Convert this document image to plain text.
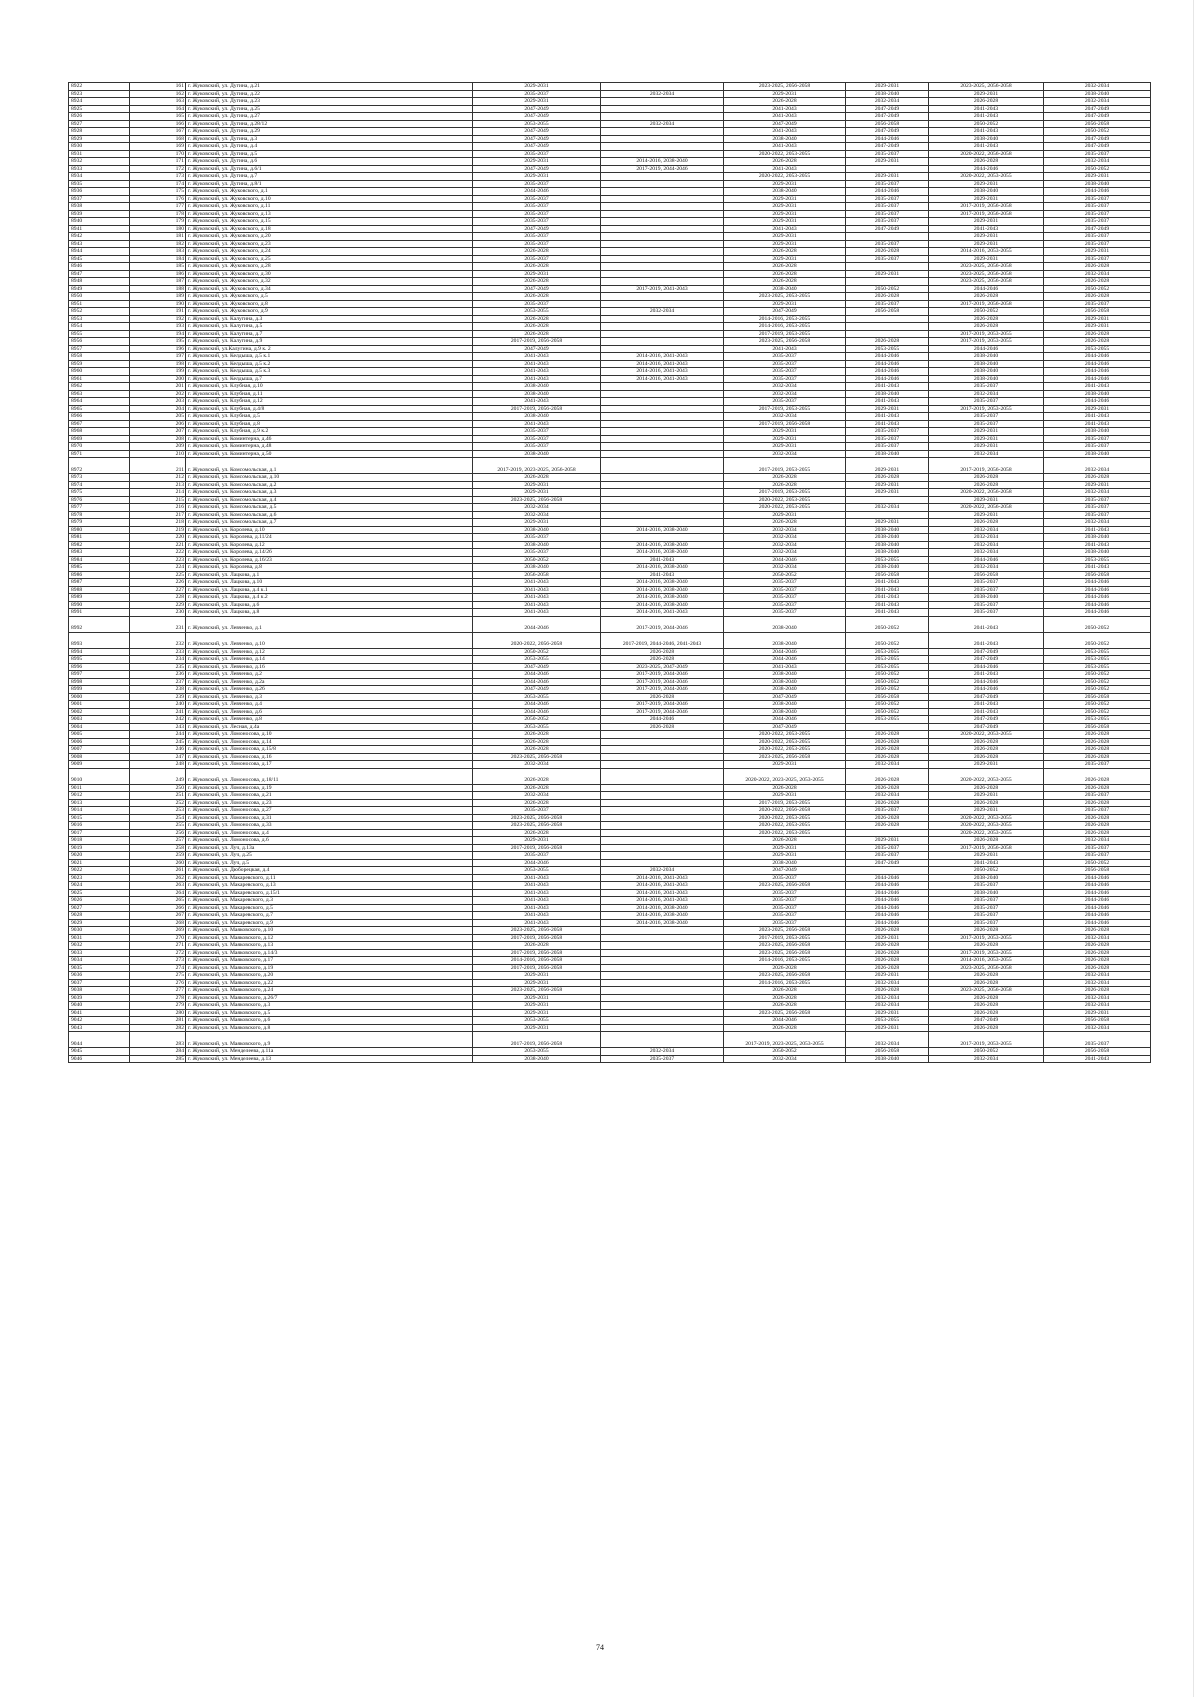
8922	161	г. Жуковский, ул. Дугина, д.21	2029-2031		2023-2025, 2056-2058	2029-2031	2023-2025, 2056-2058	2032-2034
8923	162	г. Жуковский, ул. Дугина, д.22	2035-2037	2032-2034	2029-2031	2038-2040	2029-2031	2038-2040
8924	163	г. Жуковский, ул. Дугина, д.23	2029-2031		2026-2028	2032-2034	2026-2028	2032-2034
8925	164	г. Жуковский, ул. Дугина, д.25	2047-2049		2041-2043	2047-2049	2041-2043	2047-2049
8926	165	г. Жуковский, ул. Дугина, д.27	2047-2049		2041-2043	2047-2049	2041-2043	2047-2049
8927	166	г. Жуковский, ул. Дугина, д.28/12	2053-2055	2032-2034	2047-2049	2056-2058	2050-2052	2056-2058
8928	167	г. Жуковский, ул. Дугина, д.29	2047-2049		2041-2043	2047-2049	2041-2043	2050-2052
8929	168	г. Жуковский, ул. Дугина, д.3	2047-2049		2038-2040	2044-2046	2038-2040	2047-2049
8930	169	г. Жуковский, ул. Дугина, д.4	2047-2049		2041-2043	2047-2049	2041-2043	2047-2049
8931	170	г. Жуковский, ул. Дугина, д.5	2035-2037		2020-2022, 2053-2055	2035-2037	2020-2022, 2056-2058	2035-2037
8932	171	г. Жуковский, ул. Дугина, д.6	2029-2031	2014-2016, 2038-2040	2026-2028	2029-2031	2026-2028	2032-2034
8933	172	г. Жуковский, ул. Дугина, д.6/1	2047-2049	2017-2019, 2044-2046	2041-2043		2044-2046	2050-2052
8934	173	г. Жуковский, ул. Дугина, д.7	2029-2031		2020-2022, 2053-2055	2029-2031	2020-2022, 2053-2055	2029-2031
8935	174	г. Жуковский, ул. Дугина, д.8/1	2035-2037		2029-2031	2035-2037	2029-2031	2038-2040
8936	175	г. Жуковский, ул. Жуковского, д.1	2044-2046		2038-2040	2044-2046	2038-2040	2044-2046
8937	176	г. Жуковский, ул. Жуковского, д.10	2035-2037		2029-2031	2035-2037	2029-2031	2035-2037
8938	177	г. Жуковский, ул. Жуковского, д.11	2035-2037		2029-2031	2035-2037	2017-2019, 2056-2058	2035-2037
8939	178	г. Жуковский, ул. Жуковского, д.13	2035-2037		2029-2031	2035-2037	2017-2019, 2056-2058	2035-2037
8940	179	г. Жуковский, ул. Жуковского, д.15	2035-2037		2029-2031	2035-2037	2029-2031	2035-2037
8941	180	г. Жуковский, ул. Жуковского, д.18	2047-2049		2041-2043	2047-2049	2041-2043	2047-2049
8942	181	г. Жуковский, ул. Жуковского, д.20	2035-2037		2029-2031		2029-2031	2035-2037
8943	182	г. Жуковский, ул. Жуковского, д.23	2035-2037		2029-2031	2035-2037	2029-2031	2035-2037
8944	183	г. Жуковский, ул. Жуковского, д.24	2026-2028		2026-2028	2026-2028	2014-2016, 2053-2055	2029-2031
8945	184	г. Жуковский, ул. Жуковского, д.25	2035-2037		2029-2031	2035-2037	2029-2031	2035-2037
8946	185	г. Жуковский, ул. Жуковского, д.28	2026-2028		2026-2028		2023-2025, 2056-2058	2026-2028
8947	186	г. Жуковский, ул. Жуковского, д.30	2029-2031		2026-2028	2029-2031	2023-2025, 2056-2058	2032-2034
8948	187	г. Жуковский, ул. Жуковского, д.32	2026-2028		2026-2028		2023-2025, 2056-2058	2026-2028
8949	188	г. Жуковский, ул. Жуковского, д.34	2047-2049	2017-2019, 2041-2043	2038-2040	2050-2052	2044-2046	2050-2052
8950	189	г. Жуковский, ул. Жуковского, д.5	2026-2028		2023-2025, 2053-2055	2026-2028	2026-2028	2026-2028
8951	190	г. Жуковский, ул. Жуковского, д.8	2035-2037		2029-2031	2035-2037	2017-2019, 2056-2058	2035-2037
8952	191	г. Жуковский, ул. Жуковского, д.9	2053-2055	2032-2034	2047-2049	2056-2058	2050-2052	2056-2058
8953	192	г. Жуковский, ул. Калугина, д.3	2026-2028		2014-2016, 2053-2055		2026-2028	2029-2031
8954	193	г. Жуковский, ул. Калугина, д.5	2026-2028		2014-2016, 2053-2055		2026-2028	2029-2031
8955	194	г. Жуковский, ул. Калугина, д.7	2026-2028		2017-2019, 2053-2055		2017-2019, 2053-2055	2026-2028
8956	195	г. Жуковский, ул. Калугина, д.9	2017-2019, 2056-2058		2023-2025, 2056-2058	2026-2028	2017-2019, 2053-2055	2026-2028
8957	196	г. Жуковский, ул.Калугина, д.9 к. 2	2047-2049		2041-2043	2053-2055	2044-2046	2053-2055
8958	197	г. Жуковский, ул. Келдыша, д.5 к.1	2041-2043	2014-2016, 2041-2043	2035-2037	2044-2046	2038-2040	2044-2046
8959	198	г. Жуковский, ул. Келдыша, д.5 к.2	2041-2043	2014-2016, 2041-2043	2035-2037	2044-2046	2038-2040	2044-2046
8960	199	г. Жуковский, ул. Келдыша, д.5 к.3	2041-2043	2014-2016, 2041-2043	2035-2037	2044-2046	2038-2040	2044-2046
8961	200	г. Жуковский, ул. Келдыша, д.7	2041-2043	2014-2016, 2041-2043	2035-2037	2044-2046	2038-2040	2044-2046
8962	201	г. Жуковский, ул. Клубная, д.10	2038-2040		2032-2034	2041-2043	2035-2037	2041-2043
8963	202	г. Жуковский, ул. Клубная, д.11	2038-2040		2032-2034	2038-2040	2032-2034	2038-2040
8964	203	г. Жуковский, ул. Клубная, д.12	2041-2043		2035-2037	2041-2043	2035-2037	2044-2046
8965	204	г. Жуковский, ул. Клубная, д.4/8	2017-2019, 2056-2058		2017-2019, 2053-2055	2029-2031	2017-2019, 2053-2055	2029-2031
8966	205	г. Жуковский, ул. Клубная, д.5	2038-2040		2032-2034	2041-2043	2035-2037	2041-2043
8967	206	г. Жуковский, ул. Клубная, д.8	2041-2043		2017-2019, 2056-2058	2041-2043	2035-2037	2041-2043
8968	207	г. Жуковский, ул. Клубная, д.9 к.2	2035-2037		2029-2031	2035-2037	2029-2031	2038-2040
8969	208	г. Жуковский, ул. Коминтерна, д.46	2035-2037		2029-2031	2035-2037	2029-2031	2035-2037
8970	209	г. Жуковский, ул. Коминтерна, д.48	2035-2037		2029-2031	2035-2037	2029-2031	2035-2037
8971	210	г. Жуковский, ул. Коминтерна, д.50	2038-2040		2032-2034	2038-2040	2032-2034	2038-2040
8972	211	г. Жуковский, ул. Комсомольская, д.1	2017-2019, 2023-2025, 2056-2058		2017-2019, 2053-2055	2029-2031	2017-2019, 2056-2058	2032-2034
8973	212	г. Жуковский, ул. Комсомольская, д.10	2026-2028		2026-2028	2026-2028	2026-2028	2026-2028
8974	213	г. Жуковский, ул. Комсомольская, д.2	2029-2031		2026-2028	2029-2031	2026-2028	2029-2031
8975	214	г. Жуковский, ул. Комсомольская, д.3	2029-2031		2017-2019, 2053-2055	2029-2031	2020-2022, 2056-2058	2032-2034
8976	215	г. Жуковский, ул. Комсомольская, д.4	2023-2025, 2056-2058		2020-2022, 2053-2055		2029-2031	2035-2037
8977	216	г. Жуковский, ул. Комсомольская, д.5	2032-2034		2020-2022, 2053-2055	2032-2034	2020-2022, 2056-2058	2035-2037
8978	217	г. Жуковский, ул. Комсомольская, д.6	2032-2034		2029-2031		2029-2031	2035-2037
8979	218	г. Жуковский, ул. Комсомольская, д.7	2029-2031		2026-2028	2029-2031	2026-2028	2032-2034
8980	219	г. Жуковский, ул. Королева, д.10	2038-2040	2014-2016, 2038-2040	2032-2034	2038-2040	2032-2034	2041-2043
8981	220	г. Жуковский, ул. Королева, д.11/24	2035-2037		2032-2034	2038-2040	2032-2034	2038-2040
8982	221	г. Жуковский, ул. Королева, д.12	2038-2040	2014-2016, 2038-2040	2032-2034	2038-2040	2032-2034	2041-2043
8983	222	г. Жуковский, ул. Королева, д.14/26	2035-2037	2014-2016, 2038-2040	2032-2034	2038-2040	2032-2034	2038-2040
8984	223	г. Жуковский, ул. Королева, д.16/23	2050-2052	2041-2043	2044-2046	2053-2055	2044-2046	2053-2055
8985	224	г. Жуковский, ул. Королева, д.8	2038-2040	2014-2016, 2038-2040	2032-2034	2038-2040	2032-2034	2041-2043
8986	225	г. Жуковский, ул. Лацкова, д.1	2056-2058	2041-2043	2050-2052	2056-2058	2056-2058	2056-2058
8987	226	г. Жуковский, ул. Лацкова, д.10	2041-2043	2014-2016, 2038-2040	2035-2037	2041-2043	2035-2037	2044-2046
8988	227	г. Жуковский, ул. Лацкова, д.4 к.1	2041-2043	2014-2016, 2038-2040	2035-2037	2041-2043	2035-2037	2044-2046
8989	228	г. Жуковский, ул. Лацкова, д.4 к.2	2041-2043	2014-2016, 2038-2040	2035-2037	2041-2043	2038-2040	2044-2046
8990	229	г. Жуковский, ул. Лацкова, д.6	2041-2043	2014-2016, 2038-2040	2035-2037	2041-2043	2035-2037	2044-2046
8991	230	г. Жуковский, ул. Лацкова, д.8	2041-2043	2014-2016, 2041-2043	2035-2037	2041-2043	2035-2037	2044-2046
8992	231	г. Жуковский, ул. Левченко, д.1	2044-2046	2017-2019, 2044-2046	2038-2040	2050-2052	2041-2043	2050-2052
8993	232	г. Жуковский, ул. Левченко, д.10	2020-2022, 2056-2058	2017-2019, 2044-2046, 2041-2043	2038-2040	2050-2052	2041-2043	2050-2052
8994	233	г. Жуковский, ул. Левченко, д.12	2050-2052	2026-2028	2044-2046	2053-2055	2047-2049	2053-2055
8995	234	г. Жуковский, ул. Левченко, д.14	2053-2055	2026-2028	2044-2046	2053-2055	2047-2049	2053-2055
8996	235	г. Жуковский, ул. Левченко, д.16	2047-2049	2023-2025, 2047-2049	2041-2043	2053-2055	2044-2046	2053-2055
8997	236	г. Жуковский, ул. Левченко, д.2	2044-2046	2017-2019, 2044-2046	2038-2040	2050-2052	2041-2043	2050-2052
8998	237	г. Жуковский, ул. Левченко, д.2а	2044-2046	2017-2019, 2044-2046	2038-2040	2050-2052	2044-2046	2050-2052
8999	238	г. Жуковский, ул. Левченко, д.26	2047-2049	2017-2019, 2044-2046	2038-2040	2050-2052	2044-2046	2050-2052
9000	239	г. Жуковский, ул. Левченко, д.3	2053-2055	2026-2028	2047-2049	2056-2058	2047-2049	2056-2058
9001	240	г. Жуковский, ул. Левченко, д.4	2044-2046	2017-2019, 2044-2046	2038-2040	2050-2052	2041-2043	2050-2052
9002	241	г. Жуковский, ул. Левченко, д.6	2044-2046	2017-2019, 2044-2046	2038-2040	2050-2052	2041-2043	2050-2052
9003	242	г. Жуковский, ул. Левченко, д.8	2050-2052	2044-2046	2044-2046	2053-2055	2047-2049	2053-2055
9004	243	г. Жуковский, ул. Лесная, д.4а	2053-2055	2026-2028	2047-2049		2047-2049	2056-2058
9005	244	г. Жуковский, ул. Ломоносова, д.10	2026-2028		2020-2022, 2053-2055	2026-2028	2020-2022, 2053-2055	2026-2028
9006	245	г. Жуковский, ул. Ломоносова, д.14	2026-2028		2020-2022, 2053-2055	2026-2028	2026-2028	2026-2028
9007	246	г. Жуковский, ул. Ломоносова, д.15/8	2026-2028		2020-2022, 2053-2055	2026-2028	2026-2028	2026-2028
9008	247	г. Жуковский, ул. Ломоносова, д.16	2023-2025, 2056-2058		2023-2025, 2056-2058	2026-2028	2026-2028	2026-2028
9009	248	г. Жуковский, ул. Ломоносова, д.17	2032-2034		2029-2031	2032-2034	2029-2031	2035-2037
9010	249	г. Жуковский, ул. Ломоносова, д.18/11	2026-2028		2020-2022, 2023-2025, 2053-2055	2026-2028	2020-2022, 2053-2055	2026-2028
9011	250	г. Жуковский, ул. Ломоносова, д.19	2026-2028		2026-2028	2026-2028	2026-2028	2026-2028
9012	251	г. Жуковский, ул. Ломоносова, д.21	2032-2034		2029-2031	2032-2034	2029-2031	2035-2037
9013	252	г. Жуковский, ул. Ломоносова, д.23	2026-2028		2017-2019, 2053-2055	2026-2028	2026-2028	2026-2028
9014	253	г. Жуковский, ул. Ломоносова, д.27	2035-2037		2020-2022, 2056-2058	2035-2037	2029-2031	2035-2037
9015	254	г. Жуковский, ул. Ломоносова, д.31	2023-2025, 2056-2058		2020-2022, 2053-2055	2026-2028	2020-2022, 2053-2055	2026-2028
9016	255	г. Жуковский, ул. Ломоносова, д.33	2023-2025, 2056-2058		2020-2022, 2053-2055	2026-2028	2020-2022, 2053-2055	2026-2028
9017	256	г. Жуковский, ул. Ломоносова, д.4	2026-2028		2020-2022, 2053-2055		2020-2022, 2053-2055	2026-2028
9018	257	г. Жуковский, ул. Ломоносова, д.6	2029-2031		2026-2028	2029-2031	2026-2028	2032-2034
9019	258	г. Жуковский, ул. Луч, д.13а	2017-2019, 2056-2058		2029-2031	2035-2037	2017-2019, 2056-2058	2035-2037
9020	259	г. Жуковский, ул. Луч, д.25	2035-2037		2029-2031	2035-2037	2029-2031	2035-2037
9021	260	г. Жуковский, ул. Луч, д.5	2044-2046		2038-2040	2047-2049	2041-2043	2050-2052
9022	261	г. Жуковский, ул. Дюборецкая, д.4	2053-2055	2032-2034	2047-2049		2050-2052	2056-2058
9023	262	г. Жуковский, ул. Макаревского, д.11	2041-2043	2014-2016, 2041-2043	2035-2037	2044-2046	2038-2040	2044-2046
9024	263	г. Жуковский, ул. Макаревского, д.13	2041-2043	2014-2016, 2041-2043	2023-2025, 2056-2058	2044-2046	2035-2037	2044-2046
9025	264	г. Жуковский, ул. Макаревского, д.15/1	2041-2043	2014-2016, 2041-2043	2035-2037	2044-2046	2038-2040	2044-2046
9026	265	г. Жуковский, ул. Макаревского, д.3	2041-2043	2014-2016, 2041-2043	2035-2037	2044-2046	2035-2037	2044-2046
9027	266	г. Жуковский, ул. Макаревского, д.5	2041-2043	2014-2016, 2038-2040	2035-2037	2044-2046	2035-2037	2044-2046
9028	267	г. Жуковский, ул. Макаревского, д.7	2041-2043	2014-2016, 2038-2040	2035-2037	2044-2046	2035-2037	2044-2046
9029	268	г. Жуковский, ул. Макаревского, д.9	2041-2043	2014-2016, 2038-2040	2035-2037	2044-2046	2035-2037	2044-2046
9030	269	г. Жуковский, ул. Маяковского, д.10	2023-2025, 2056-2058		2023-2025, 2056-2058	2026-2028	2026-2028	2026-2028
9031	270	г. Жуковский, ул. Маяковского, д.12	2017-2019, 2056-2058		2017-2019, 2053-2055	2029-2031	2017-2019, 2053-2055	2032-2034
9032	271	г. Жуковский, ул. Маяковского, д.13	2026-2028		2023-2025, 2056-2058	2026-2028	2026-2028	2026-2028
9033	272	г. Жуковский, ул. Маяковского, д.14/3	2017-2019, 2056-2058		2023-2025, 2056-2058	2026-2028	2017-2019, 2053-2055	2026-2028
9034	273	г. Жуковский, ул. Маяковского, д.17	2014-2016, 2056-2058		2014-2016, 2053-2055	2026-2028	2014-2016, 2053-2055	2026-2028
9035	274	г. Жуковский, ул. Маяковского, д.19	2017-2019, 2056-2058		2026-2028	2026-2028	2023-2025, 2056-2058	2026-2028
9036	275	г. Жуковский, ул. Маяковского, д.20	2029-2031		2023-2025, 2056-2058	2029-2031	2026-2028	2032-2034
9037	276	г. Жуковский, ул. Маяковского, д.22	2029-2031		2014-2016, 2053-2055	2032-2034	2026-2028	2032-2034
9038	277	г. Жуковский, ул. Маяковского, д.24	2023-2025, 2056-2058		2026-2028	2026-2028	2023-2025, 2056-2058	2026-2028
9039	278	г. Жуковский, ул. Маяковского, д.26/7	2029-2031		2026-2028	2032-2034	2026-2028	2032-2034
9040	279	г. Жуковский, ул. Маяковского, д.3	2029-2031		2026-2028	2032-2034	2026-2028	2032-2034
9041	280	г. Жуковский, ул. Маяковского, д.5	2029-2031		2023-2025, 2056-2058	2029-2031	2026-2028	2029-2031
9042	281	г. Жуковский, ул. Маяковского, д.6	2053-2055		2044-2046	2053-2055	2047-2049	2056-2058
9043	282	г. Жуковский, ул. Маяковского, д.8	2029-2031		2026-2028	2029-2031	2026-2028	2032-2034
9044	283	г. Жуковский, ул. Маяковского, д.9	2017-2019, 2056-2058		2017-2019, 2023-2025, 2053-2055	2032-2034	2017-2019, 2053-2055	2035-2037
9045	284	г. Жуковский, ул. Менделеева, д.11а	2053-2055	2032-2034	2050-2052	2056-2058	2050-2052	2056-2058
9046	285	г. Жуковский, ул. Менделеева, д.13	2038-2040	2035-2037	2032-2034	2038-2040	2032-2034	2041-2043
74
